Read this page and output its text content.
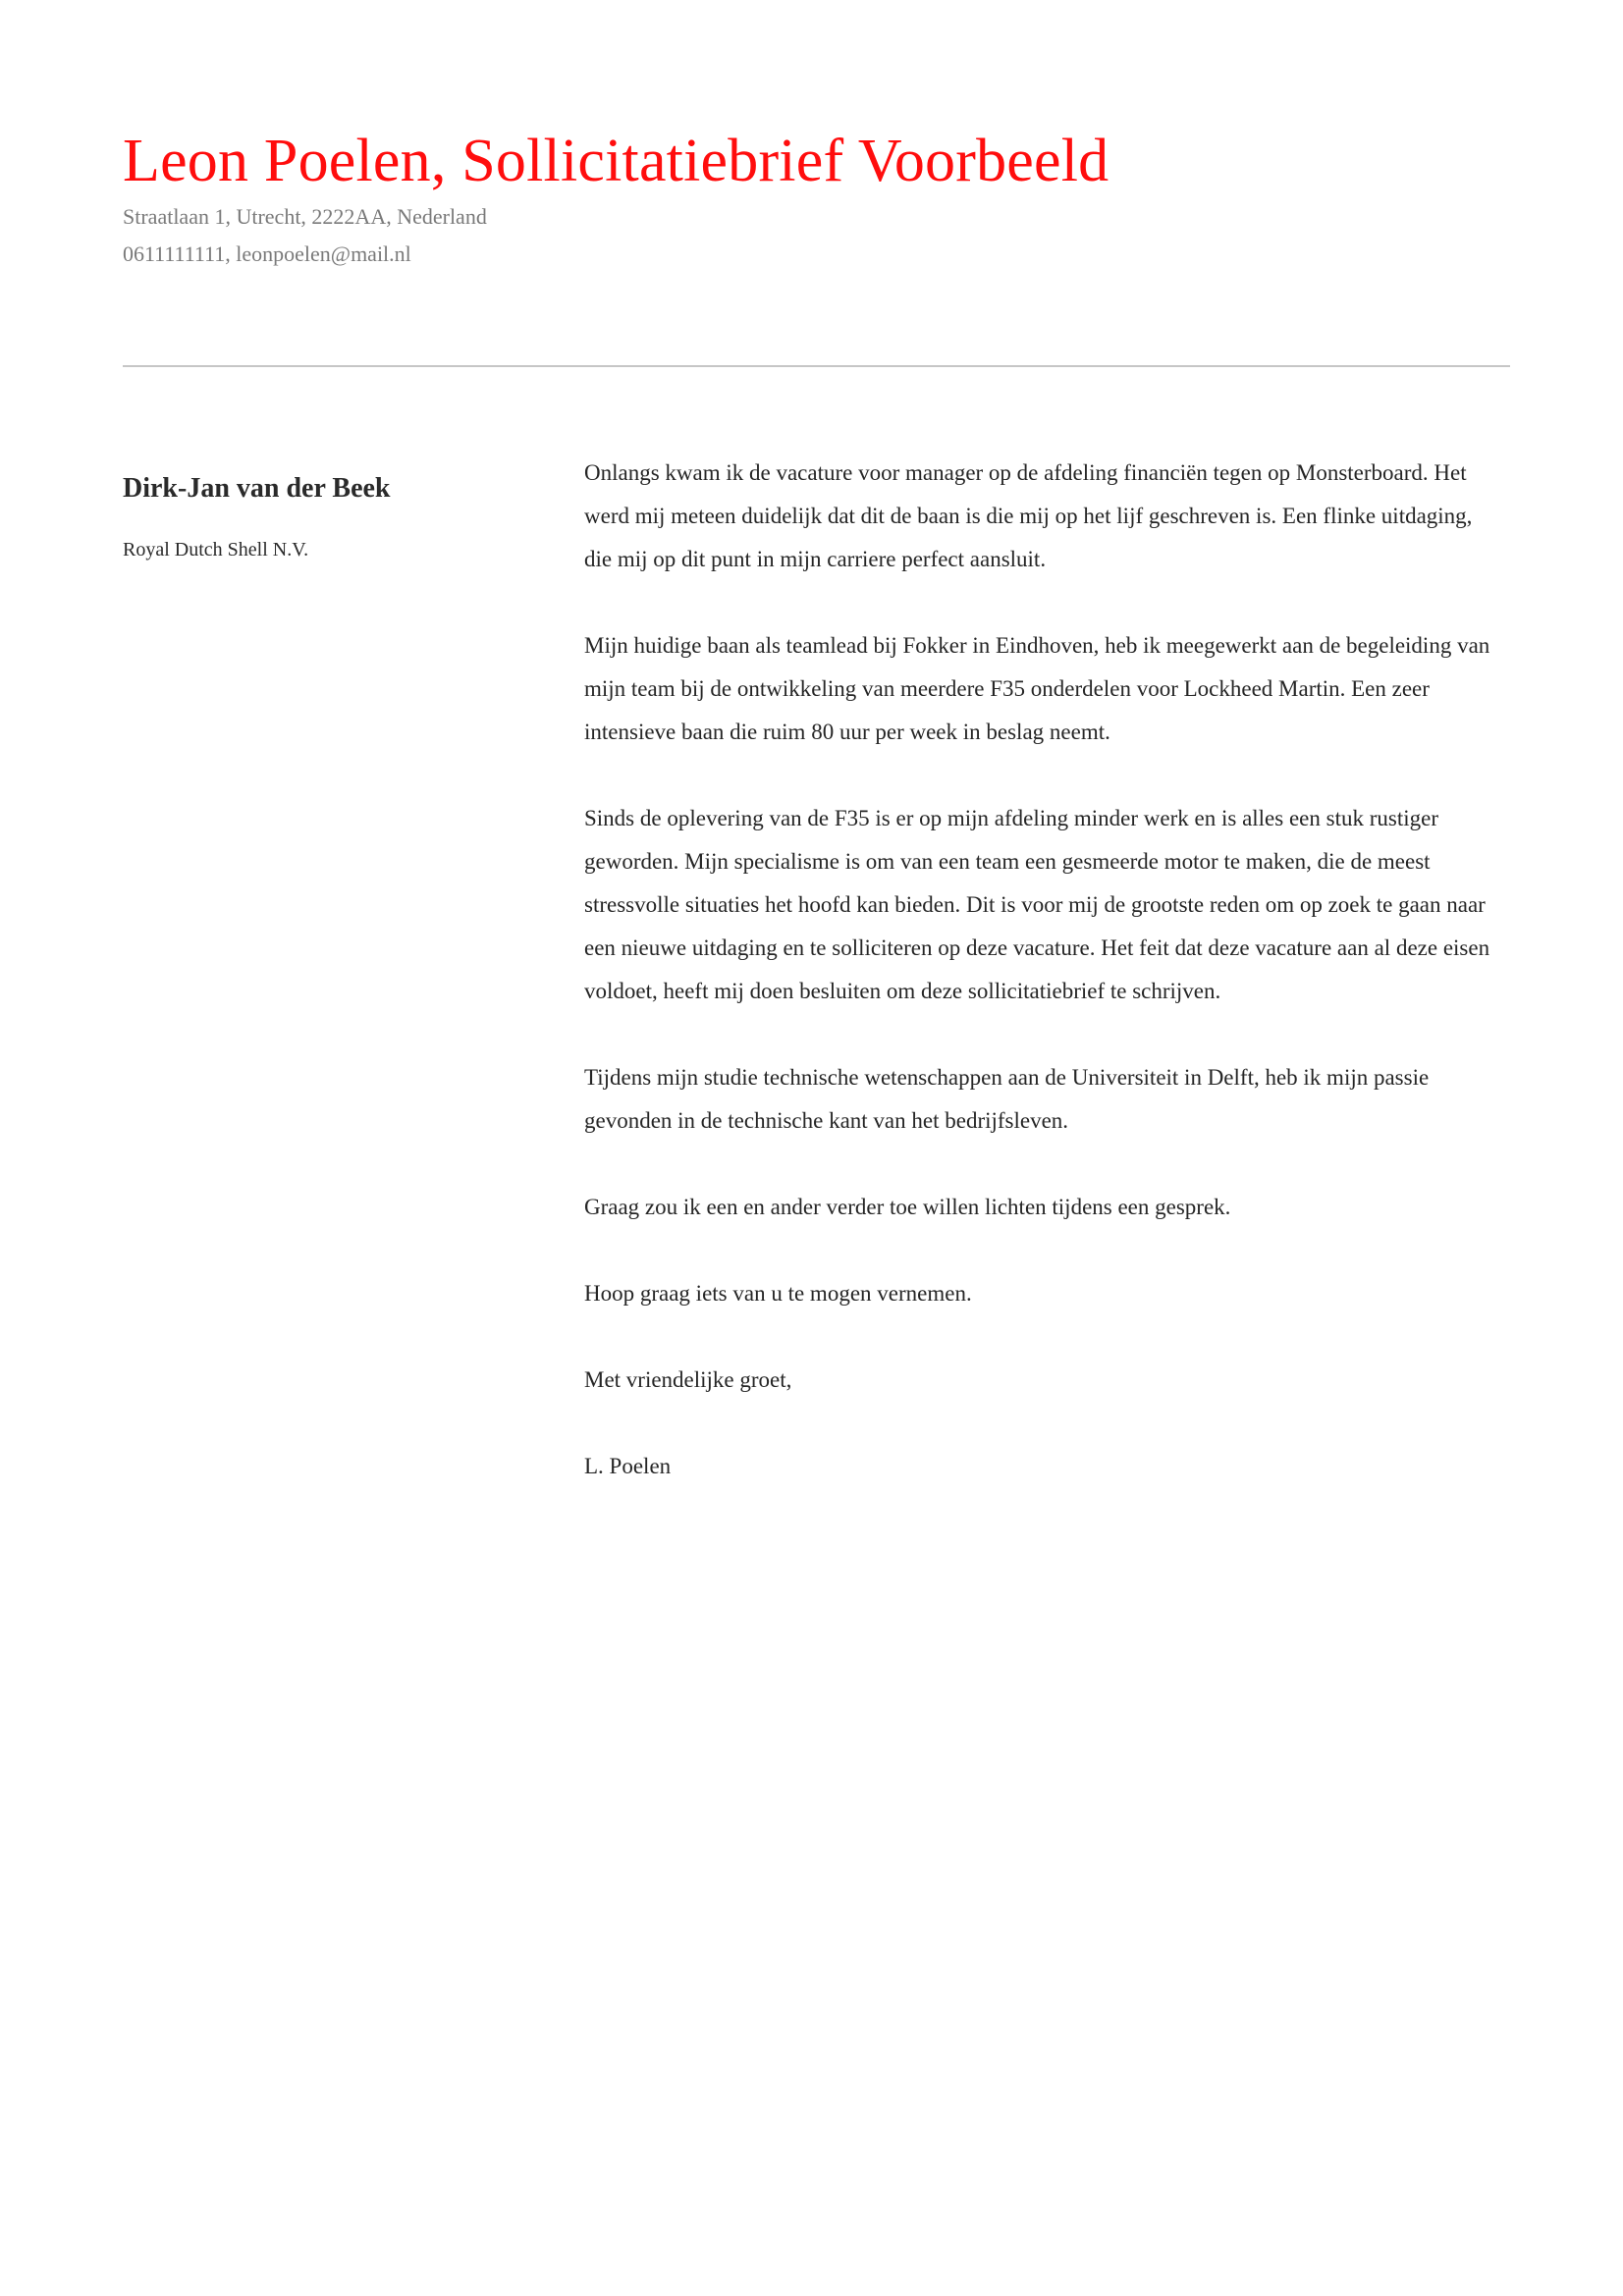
Leon Poelen, Sollicitatiebrief Voorbeeld
Straatlaan 1, Utrecht, 2222AA, Nederland
0611111111, leonpoelen@mail.nl
Dirk-Jan van der Beek
Royal Dutch Shell N.V.

Onlangs kwam ik de vacature voor manager op de afdeling financiën tegen op Monsterboard. Het werd mij meteen duidelijk dat dit de baan is die mij op het lijf geschreven is. Een flinke uitdaging, die mij op dit punt in mijn carriere perfect aansluit.

Mijn huidige baan als teamlead bij Fokker in Eindhoven, heb ik meegewerkt aan de begeleiding van mijn team bij de ontwikkeling van meerdere F35 onderdelen voor Lockheed Martin. Een zeer intensieve baan die ruim 80 uur per week in beslag neemt.

Sinds de oplevering van de F35 is er op mijn afdeling minder werk en is alles een stuk rustiger geworden. Mijn specialisme is om van een team een gesmeerde motor te maken, die de meest stressvolle situaties het hoofd kan bieden. Dit is voor mij de grootste reden om op zoek te gaan naar een nieuwe uitdaging en te solliciteren op deze vacature. Het feit dat deze vacature aan al deze eisen voldoet, heeft mij doen besluiten om deze sollicitatiebrief te schrijven.

Tijdens mijn studie technische wetenschappen aan de Universiteit in Delft, heb ik mijn passie gevonden in de technische kant van het bedrijfsleven.

Graag zou ik een en ander verder toe willen lichten tijdens een gesprek.

Hoop graag iets van u te mogen vernemen.

Met vriendelijke groet,

L. Poelen
